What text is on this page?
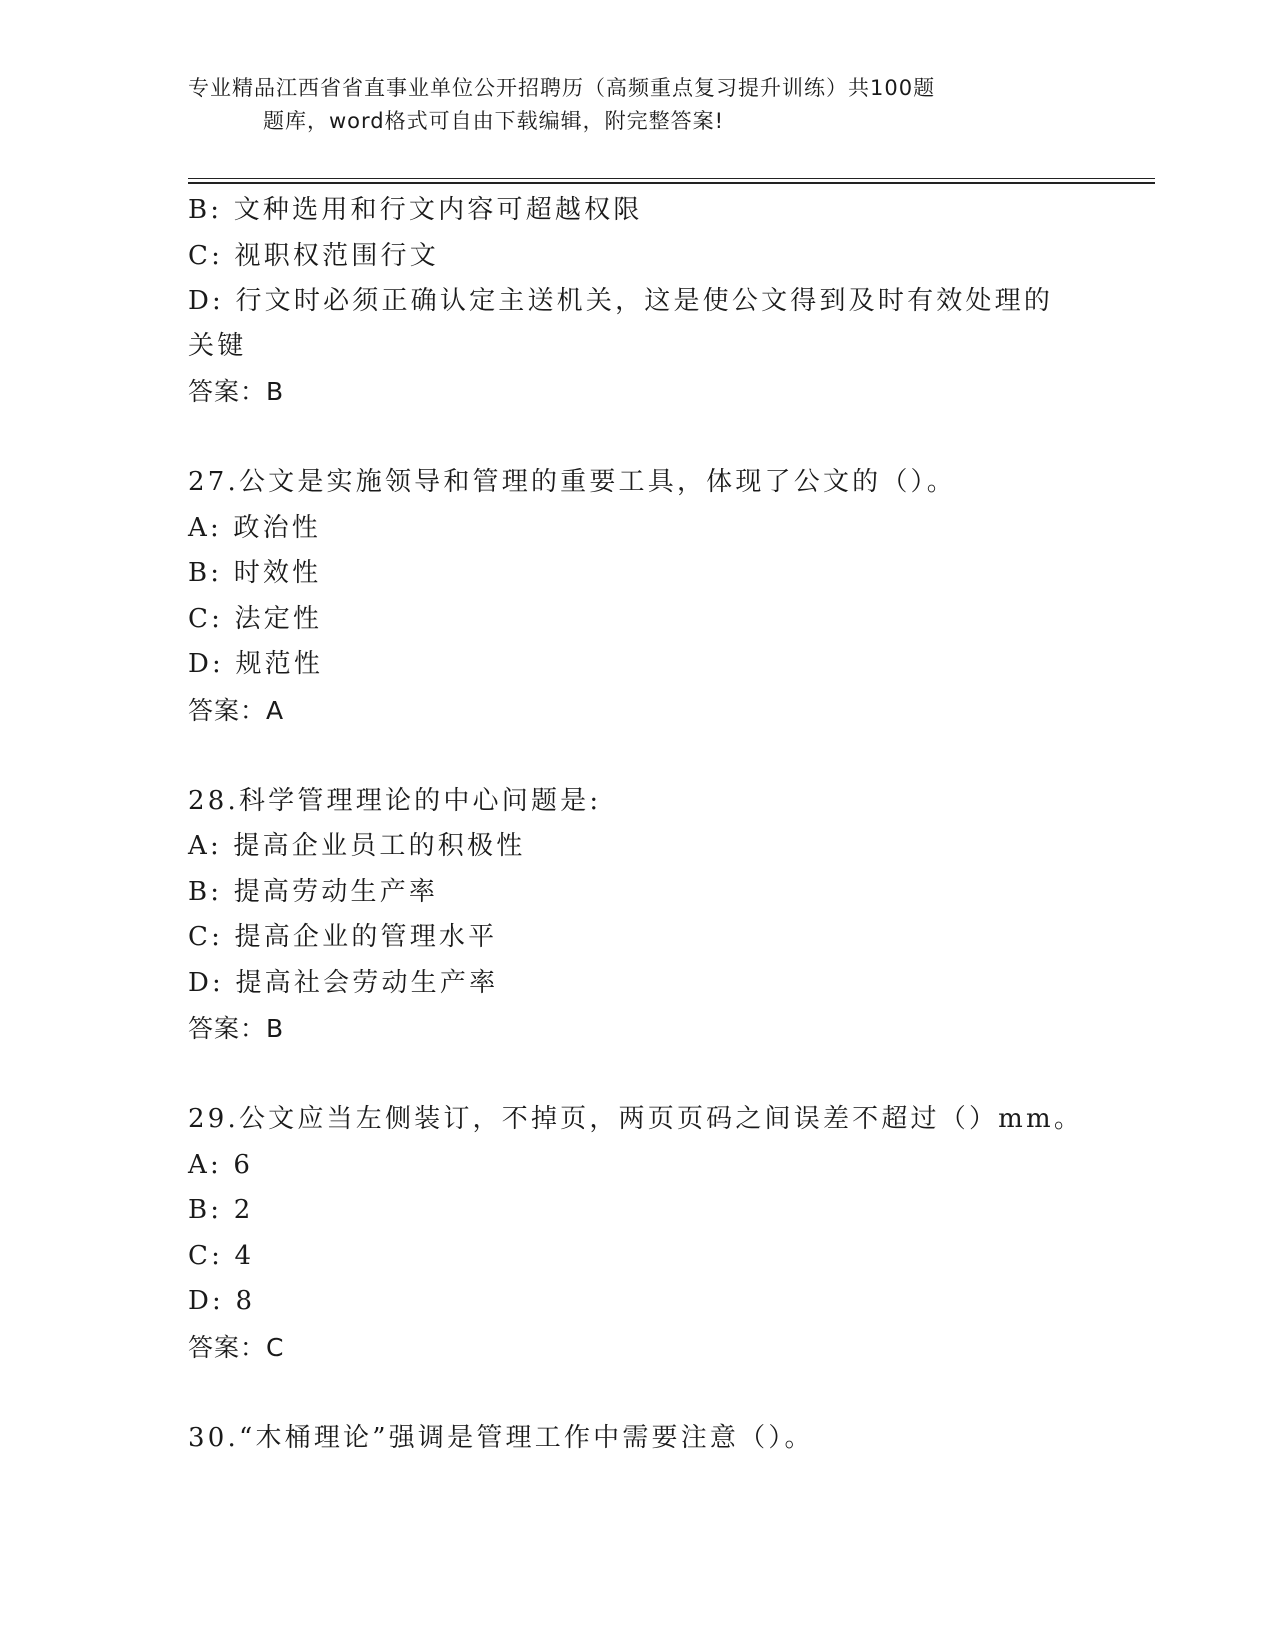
专业精品江西省省直事业单位公开招聘历（高频重点复习提升训练）共100题
题库，word格式可自由下载编辑，附完整答案!
B: 文种选用和行文内容可超越权限
C: 视职权范围行文
D: 行文时必须正确认定主送机关，这是使公文得到及时有效处理的关键
答案：B
27.公文是实施领导和管理的重要工具，体现了公文的（）。
A: 政治性
B: 时效性
C: 法定性
D: 规范性
答案：A
28.科学管理理论的中心问题是:
A: 提高企业员工的积极性
B: 提高劳动生产率
C: 提高企业的管理水平
D: 提高社会劳动生产率
答案：B
29.公文应当左侧装订，不掉页，两页页码之间误差不超过（）mm。
A: 6
B: 2
C: 4
D: 8
答案：C
30.“木桶理论”强调是管理工作中需要注意（）。
